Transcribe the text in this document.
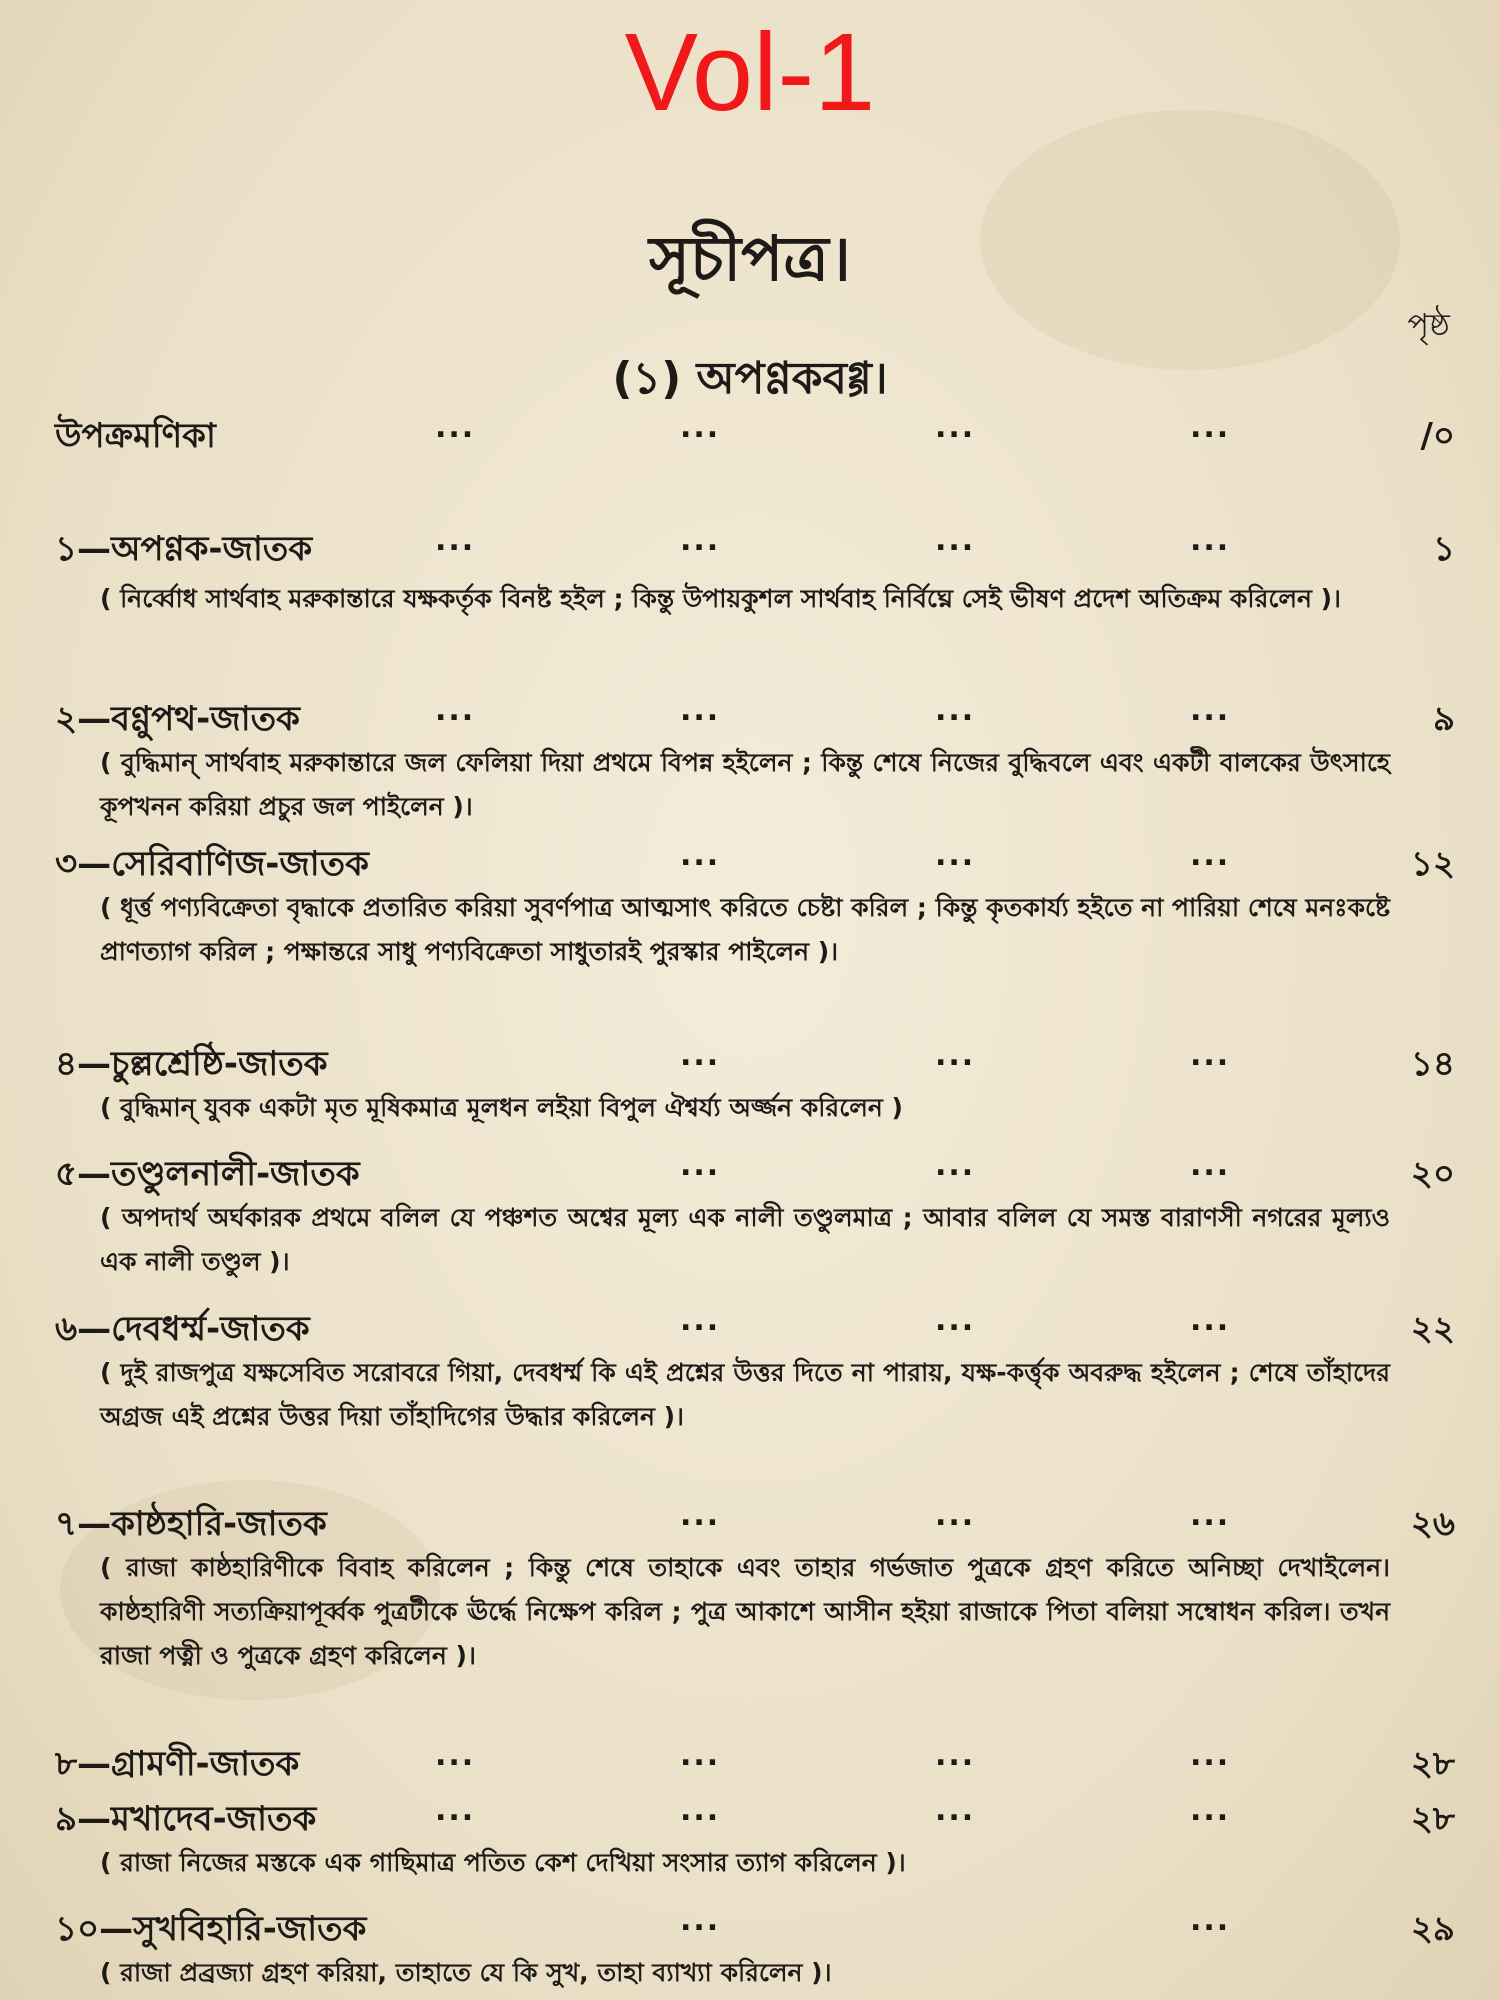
Vol-1
সূচীপত্র।
পৃষ্ঠ
(১) অপণ্ণকবগ্গ।
উপক্রমণিকা	...	...	...	...	/০
১—অপণ্ণক-জাতক	...	...	...	...	১
( নির্ব্বোধ সার্থবাহ মরুকান্তারে যক্ষকর্তৃক বিনষ্ট হইল ; কিন্তু উপায়কুশল সার্থবাহ নির্বিঘ্নে সেই ভীষণ প্রদেশ অতিক্রম করিলেন )।
২—বণ্ণুপথ-জাতক	...	...	...	...	৯
( বুদ্ধিমান্ সার্থবাহ মরুকান্তারে জল ফেলিয়া দিয়া প্রথমে বিপন্ন হইলেন ; কিন্তু শেষে নিজের বুদ্ধিবলে এবং একটী বালকের উৎসাহে কূপখনন করিয়া প্রচুর জল পাইলেন )।
৩—সেরিবাণিজ-জাতক	...	...	...	১২
( ধূর্ত্ত পণ্যবিক্রেতা বৃদ্ধাকে প্রতারিত করিয়া সুবর্ণপাত্র আত্মসাৎ করিতে চেষ্টা করিল ; কিন্তু কৃতকার্য্য হইতে না পারিয়া শেষে মনঃকষ্টে প্রাণত্যাগ করিল ; পক্ষান্তরে সাধু পণ্যবিক্রেতা সাধুতারই পুরস্কার পাইলেন )।
৪—চুল্লশ্রেষ্ঠি-জাতক	...	...	...	১৪
( বুদ্ধিমান্ যুবক একটা মৃত মূষিকমাত্র মূলধন লইয়া বিপুল ঐশ্বর্য্য অর্জ্জন করিলেন )
৫—তণ্ডুলনালী-জাতক	...	...	...	২০
( অপদার্থ অর্ঘকারক প্রথমে বলিল যে পঞ্চশত অশ্বের মূল্য এক নালী তণ্ডুলমাত্র ; আবার বলিল যে সমস্ত বারাণসী নগরের মূল্যও এক নালী তণ্ডুল )।
৬—দেবধর্ম্ম-জাতক	...	...	...	২২
( দুই রাজপুত্র যক্ষসেবিত সরোবরে গিয়া, দেবধর্ম্ম কি এই প্রশ্নের উত্তর দিতে না পারায়, যক্ষ-কর্ত্তৃক অবরুদ্ধ হইলেন ; শেষে তাঁহাদের অগ্রজ এই প্রশ্নের উত্তর দিয়া তাঁহাদিগের উদ্ধার করিলেন )।
৭—কাষ্ঠহারি-জাতক	...	...	...	২৬
( রাজা কাষ্ঠহারিণীকে বিবাহ করিলেন ; কিন্তু শেষে তাহাকে এবং তাহার গর্ভজাত পুত্রকে গ্রহণ করিতে অনিচ্ছা দেখাইলেন। কাষ্ঠহারিণী সত্যক্রিয়াপূর্ব্বক পুত্রটীকে ঊর্দ্ধে নিক্ষেপ করিল ; পুত্র আকাশে আসীন হইয়া রাজাকে পিতা বলিয়া সম্বোধন করিল। তখন রাজা পত্নী ও পুত্রকে গ্রহণ করিলেন )।
৮—গ্রামণী-জাতক	...	...	...	...	২৮
৯—মখাদেব-জাতক	...	...	...	...	২৮
( রাজা নিজের মস্তকে এক গাছিমাত্র পতিত কেশ দেখিয়া সংসার ত্যাগ করিলেন )।
১০—সুখবিহারি-জাতক	...	...	২৯
( রাজা প্রব্রজ্যা গ্রহণ করিয়া, তাহাতে যে কি সুখ, তাহা ব্যাখ্যা করিলেন )।
